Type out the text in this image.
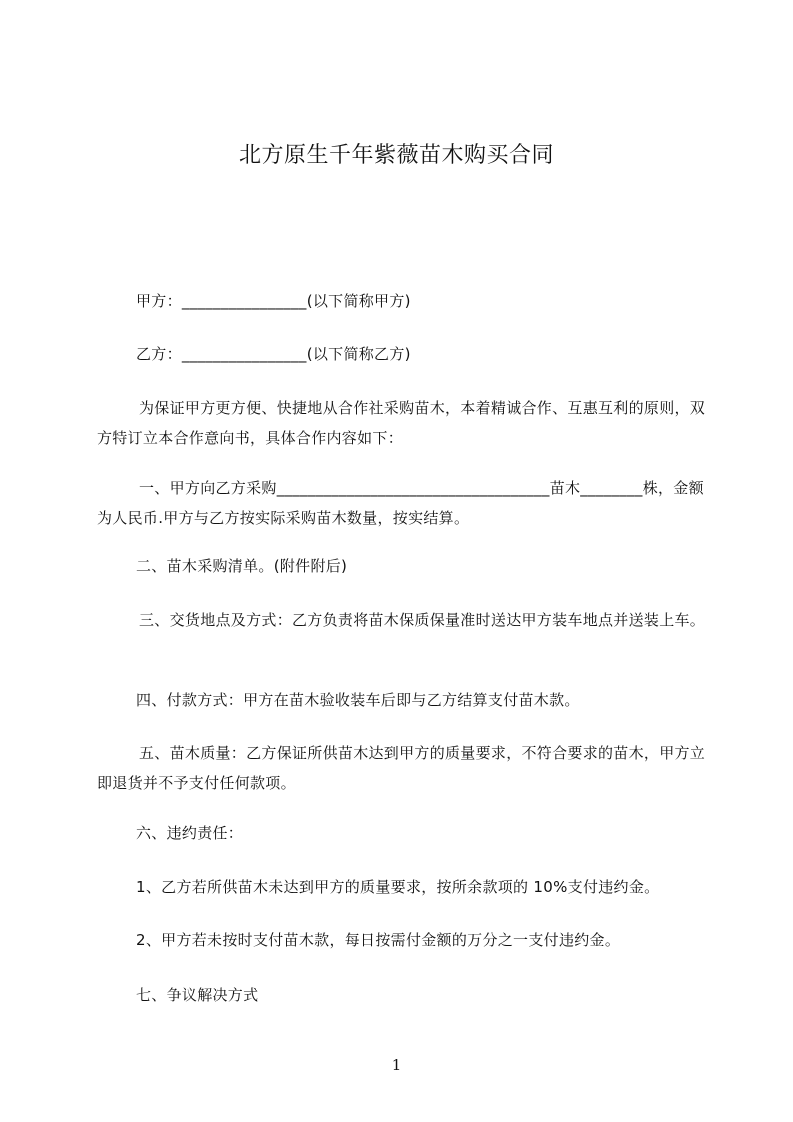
北方原生千年紫薇苗木购买合同
甲方：________________(以下简称甲方)
乙方：________________(以下简称乙方)
为保证甲方更方便、快捷地从合作社采购苗木，本着精诚合作、互惠互利的原则，双方特订立本合作意向书，具体合作内容如下：
一、甲方向乙方采购___________________________________苗木________株，金额为人民币.甲方与乙方按实际采购苗木数量，按实结算。
二、苗木采购清单。(附件附后)
三、交货地点及方式：乙方负责将苗木保质保量准时送达甲方装车地点并送装上车。
四、付款方式：甲方在苗木验收装车后即与乙方结算支付苗木款。
五、苗木质量：乙方保证所供苗木达到甲方的质量要求，不符合要求的苗木，甲方立即退货并不予支付任何款项。
六、违约责任：
1、乙方若所供苗木未达到甲方的质量要求，按所余款项的 10%支付违约金。
2、甲方若未按时支付苗木款，每日按需付金额的万分之一支付违约金。
七、争议解决方式
1
